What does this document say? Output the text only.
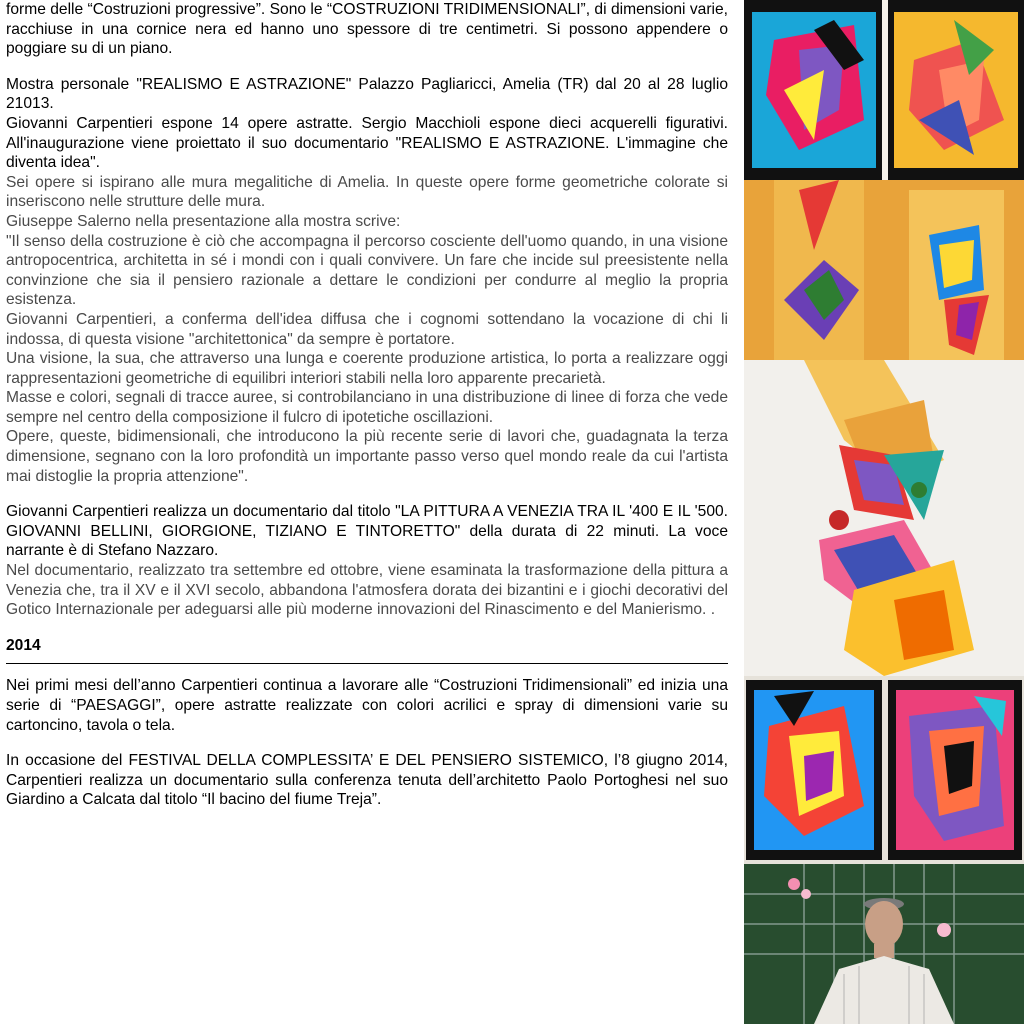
forme delle “Costruzioni progressive”. Sono le “COSTRUZIONI TRIDIMENSIONALI”, di dimensioni varie, racchiuse in una cornice nera ed hanno uno spessore di tre centimetri. Si possono appendere o poggiare su di un piano.

Mostra personale "REALISMO E ASTRAZIONE" Palazzo Pagliaricci, Amelia (TR) dal 20 al 28 luglio 21013.

Giovanni Carpentieri espone 14 opere astratte. Sergio Macchioli espone dieci acquerelli figurativi. All'inaugurazione viene proiettato il suo documentario "REALISMO E ASTRAZIONE. L'immagine che diventa idea".

Sei opere si ispirano alle mura megalitiche di Amelia. In queste opere forme geometriche colorate si inseriscono nelle strutture delle mura.

Giuseppe Salerno nella presentazione alla mostra scrive:

"Il senso della costruzione è ciò che accompagna il percorso cosciente dell'uomo quando, in una visione antropocentrica, architetta in sé i mondi con i quali convivere. Un fare che incide sul preesistente nella convinzione che sia il pensiero razionale a dettare le condizioni per condurre al meglio la propria esistenza.

Giovanni Carpentieri, a conferma dell'idea diffusa che i cognomi sottendano la vocazione di chi li indossa, di questa visione "architettonica" da sempre è portatore.

Una visione, la sua, che attraverso una lunga e coerente produzione artistica, lo porta a realizzare oggi rappresentazioni geometriche di equilibri interiori stabili nella loro apparente precarietà.

Masse e colori, segnali di tracce auree, si controbilanciano in una distribuzione di linee di forza che vede sempre nel centro della composizione il fulcro di ipotetiche oscillazioni.

Opere, queste, bidimensionali, che introducono la più recente serie di lavori che, guadagnata la terza dimensione, segnano con la loro profondità un importante passo verso quel mondo reale da cui l'artista mai distoglie la propria attenzione".

Giovanni Carpentieri realizza un documentario dal titolo "LA PITTURA A VENEZIA TRA IL '400 E IL '500. GIOVANNI BELLINI, GIORGIONE, TIZIANO E TINTORETTO" della durata di 22 minuti. La voce narrante è di Stefano Nazzaro.

Nel documentario, realizzato tra settembre ed ottobre, viene esaminata la trasformazione della pittura a Venezia che, tra il XV e il XVI secolo, abbandona l'atmosfera dorata dei bizantini e i giochi decorativi del Gotico Internazionale per adeguarsi alle più moderne innovazioni del Rinascimento e del Manierismo. .

2014

Nei primi mesi dell’anno Carpentieri continua a lavorare alle “Costruzioni Tridimensionali” ed inizia una serie di “PAESAGGI”, opere astratte realizzate con colori acrilici e spray di dimensioni varie su cartoncino, tavola o tela.

In occasione del FESTIVAL DELLA COMPLESSITA’ E DEL PENSIERO SISTEMICO, l’8 giugno 2014, Carpentieri realizza un documentario sulla conferenza tenuta dell’architetto Paolo Portoghesi nel suo Giardino a Calcata dal titolo “Il bacino del fiume Treja”.
